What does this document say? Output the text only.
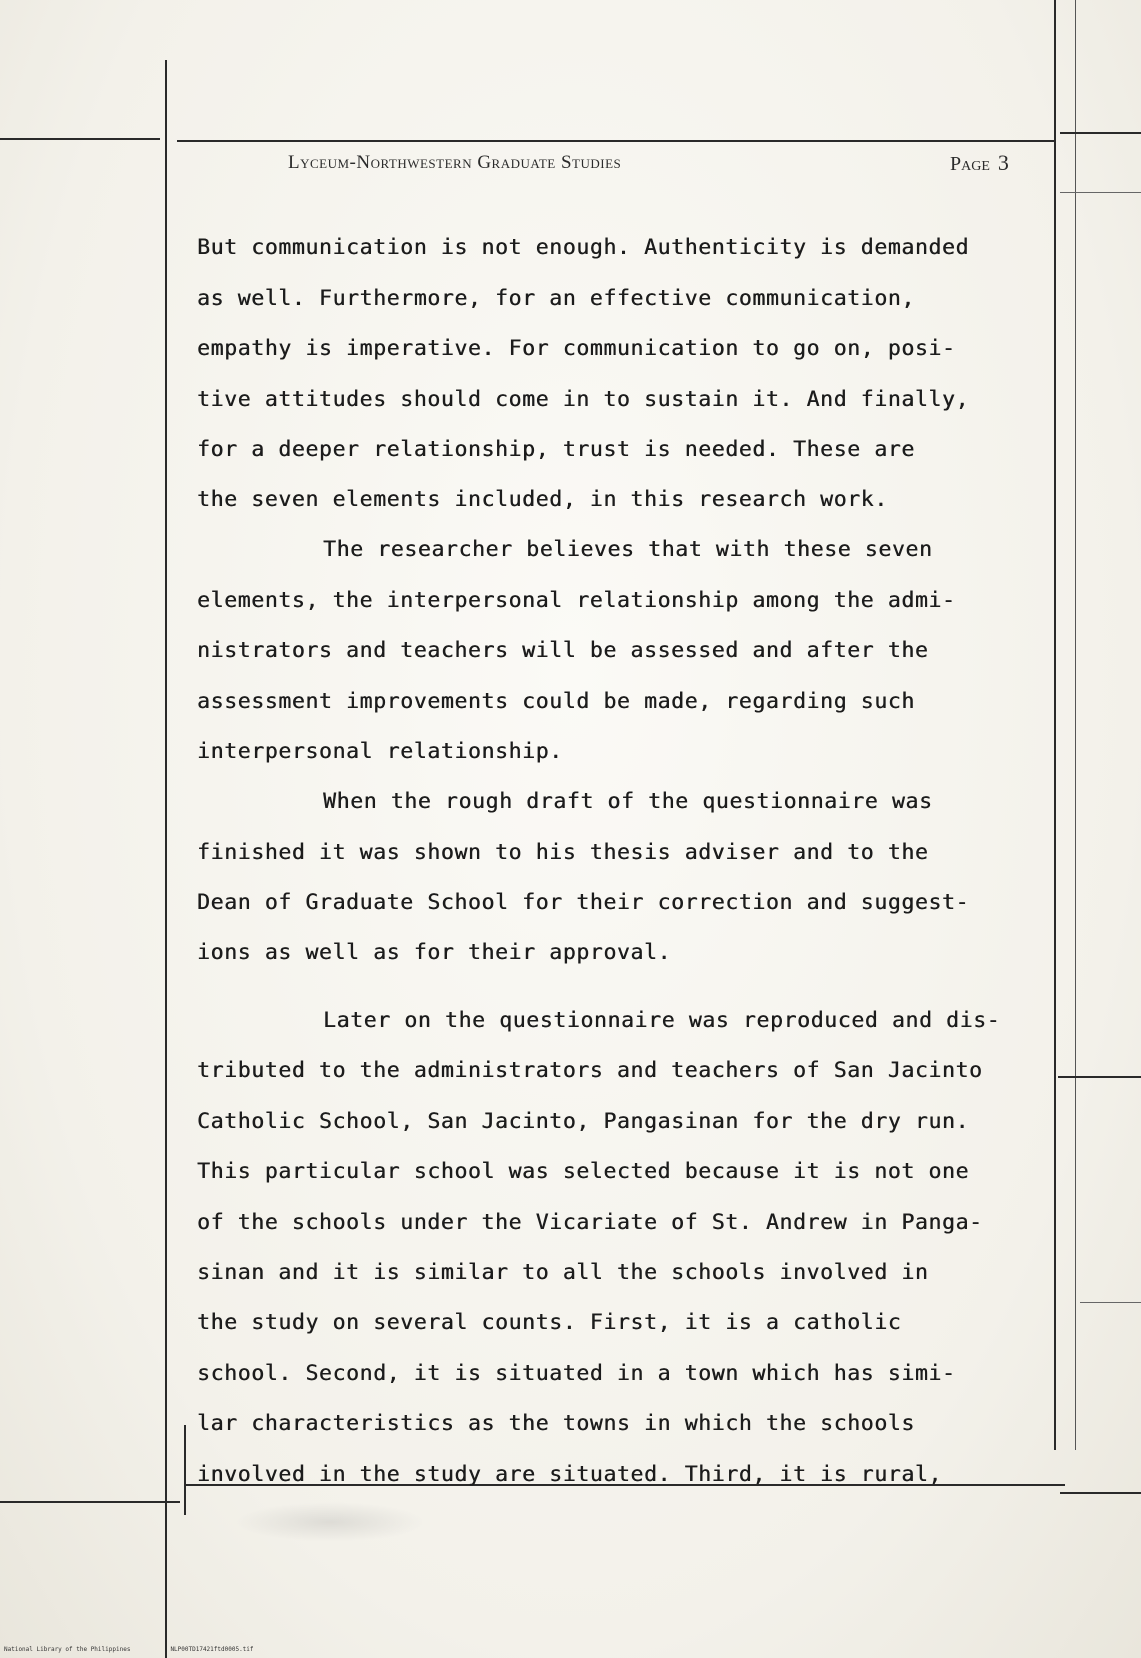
Lyceum-Northwestern Graduate Studies	Page 3
But communication is not enough. Authenticity is demanded
as well. Furthermore, for an effective communication,
empathy is imperative. For communication to go on, posi-
tive attitudes should come in to sustain it. And finally,
for a deeper relationship, trust is needed. These are
the seven elements included, in this research work.
The researcher believes that with these seven
elements, the interpersonal relationship among the admi-
nistrators and teachers will be assessed and after the
assessment improvements could be made, regarding such
interpersonal relationship.
When the rough draft of the questionnaire was
finished it was shown to his thesis adviser and to the
Dean of Graduate School for their correction and suggest-
ions as well as for their approval.
Later on the questionnaire was reproduced and dis-
tributed to the administrators and teachers of San Jacinto
Catholic School, San Jacinto, Pangasinan for the dry run.
This particular school was selected because it is not one
of the schools under the Vicariate of St. Andrew in Panga-
sinan and it is similar to all the schools involved in
the study on several counts. First, it is a catholic
school. Second, it is situated in a town which has simi-
lar characteristics as the towns in which the schools
involved in the study are situated. Third, it is rural,
National Library of the Philippines	NLP00TD17421ftd0005.tif
